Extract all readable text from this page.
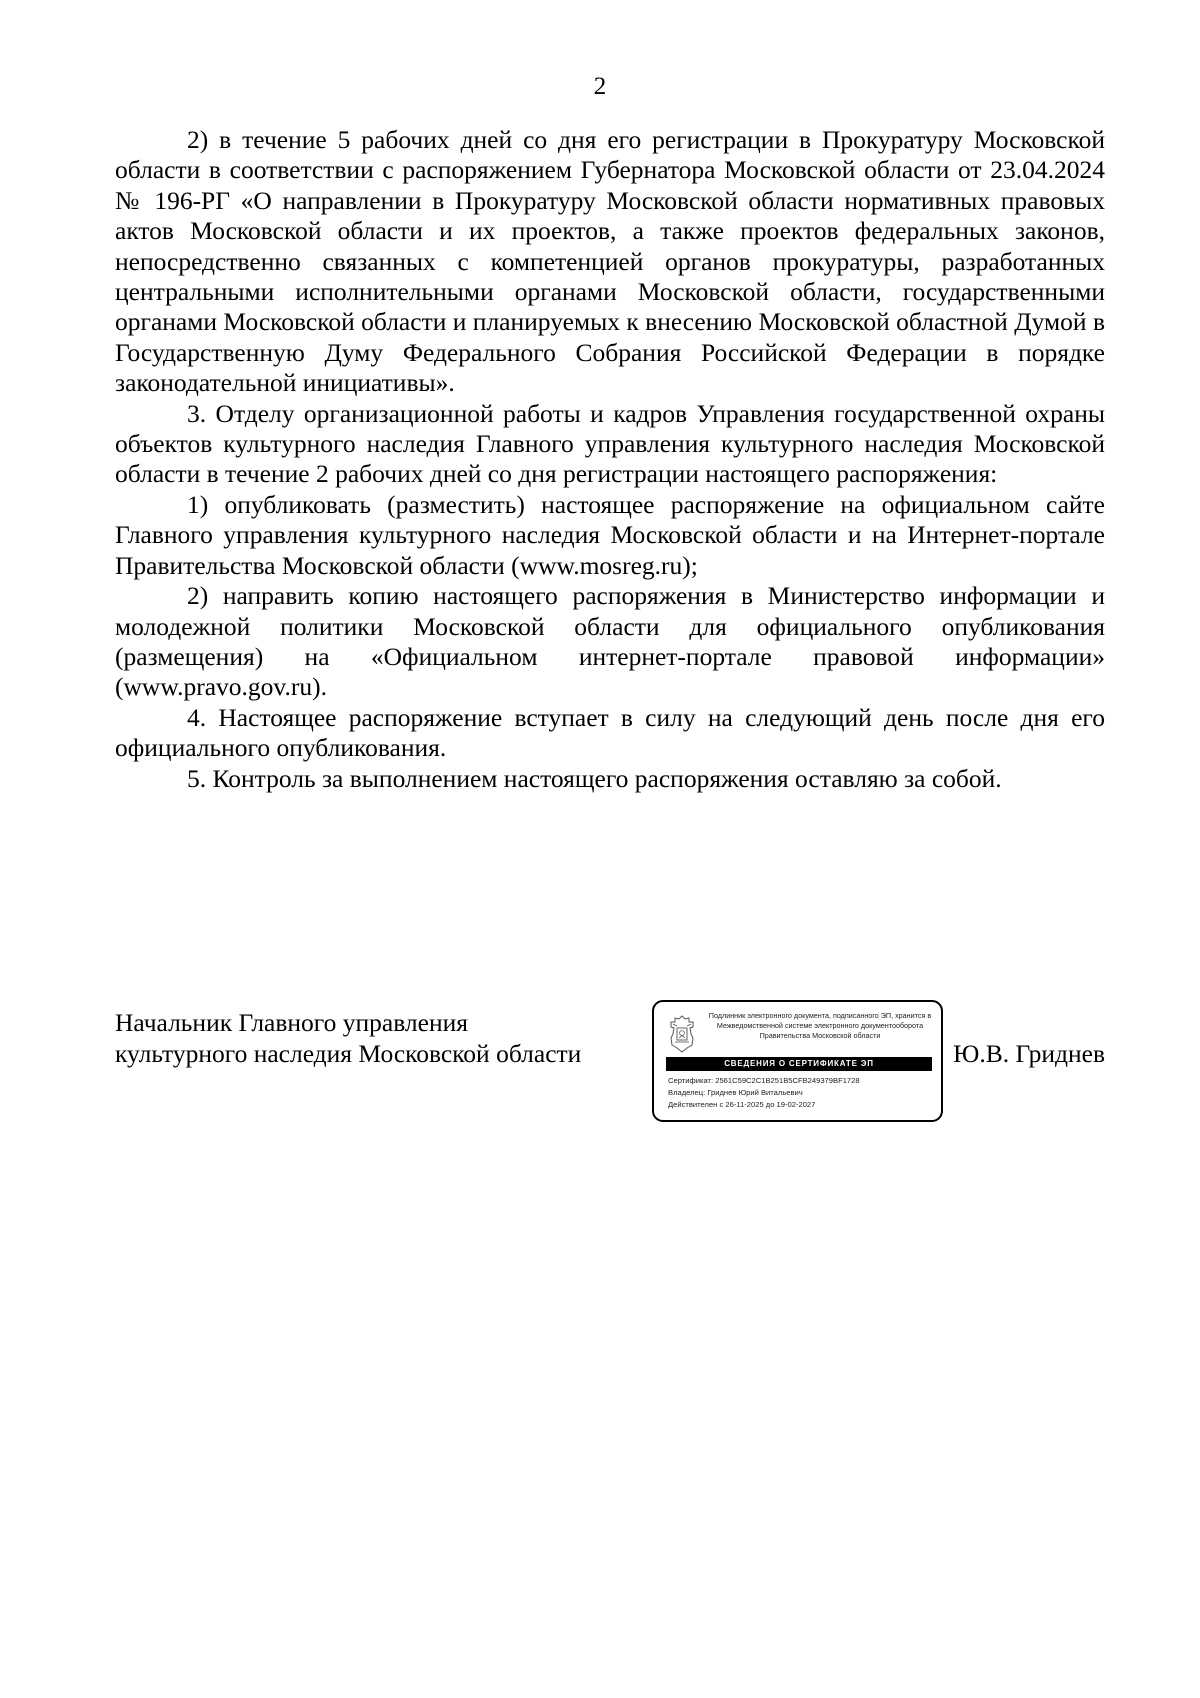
2

2) в течение 5 рабочих дней со дня его регистрации в Прокуратуру Московской области в соответствии с распоряжением Губернатора Московской области от 23.04.2024 № 196-РГ «О направлении в Прокуратуру Московской области нормативных правовых актов Московской области и их проектов, а также проектов федеральных законов, непосредственно связанных с компетенцией органов прокуратуры, разработанных центральными исполнительными органами Московской области, государственными органами Московской области и планируемых к внесению Московской областной Думой в Государственную Думу Федерального Собрания Российской Федерации в порядке законодательной инициативы».

3. Отделу организационной работы и кадров Управления государственной охраны объектов культурного наследия Главного управления культурного наследия Московской области в течение 2 рабочих дней со дня регистрации настоящего распоряжения:

1) опубликовать (разместить) настоящее распоряжение на официальном сайте Главного управления культурного наследия Московской области и на Интернет-портале Правительства Московской области (www.mosreg.ru);

2) направить копию настоящего распоряжения в Министерство информации и молодежной политики Московской области для официального опубликования (размещения) на «Официальном интернет-портале правовой информации» (www.pravo.gov.ru).

4. Настоящее распоряжение вступает в силу на следующий день после дня его официального опубликования.

5. Контроль за выполнением настоящего распоряжения оставляю за собой.

Начальник Главного управления
культурного наследия Московской области
Подлинник электронного документа, подписанного ЭП, хранится в Межведомственной системе электронного документооборота Правительства Московской области
СВЕДЕНИЯ О СЕРТИФИКАТЕ ЭП
Сертификат: 2561C59C2C1B251B5CFB249379BF1728
Владелец: Гриднев Юрий Витальевич
Действителен с 26-11-2025 до 19-02-2027
Ю.В. Гриднев
